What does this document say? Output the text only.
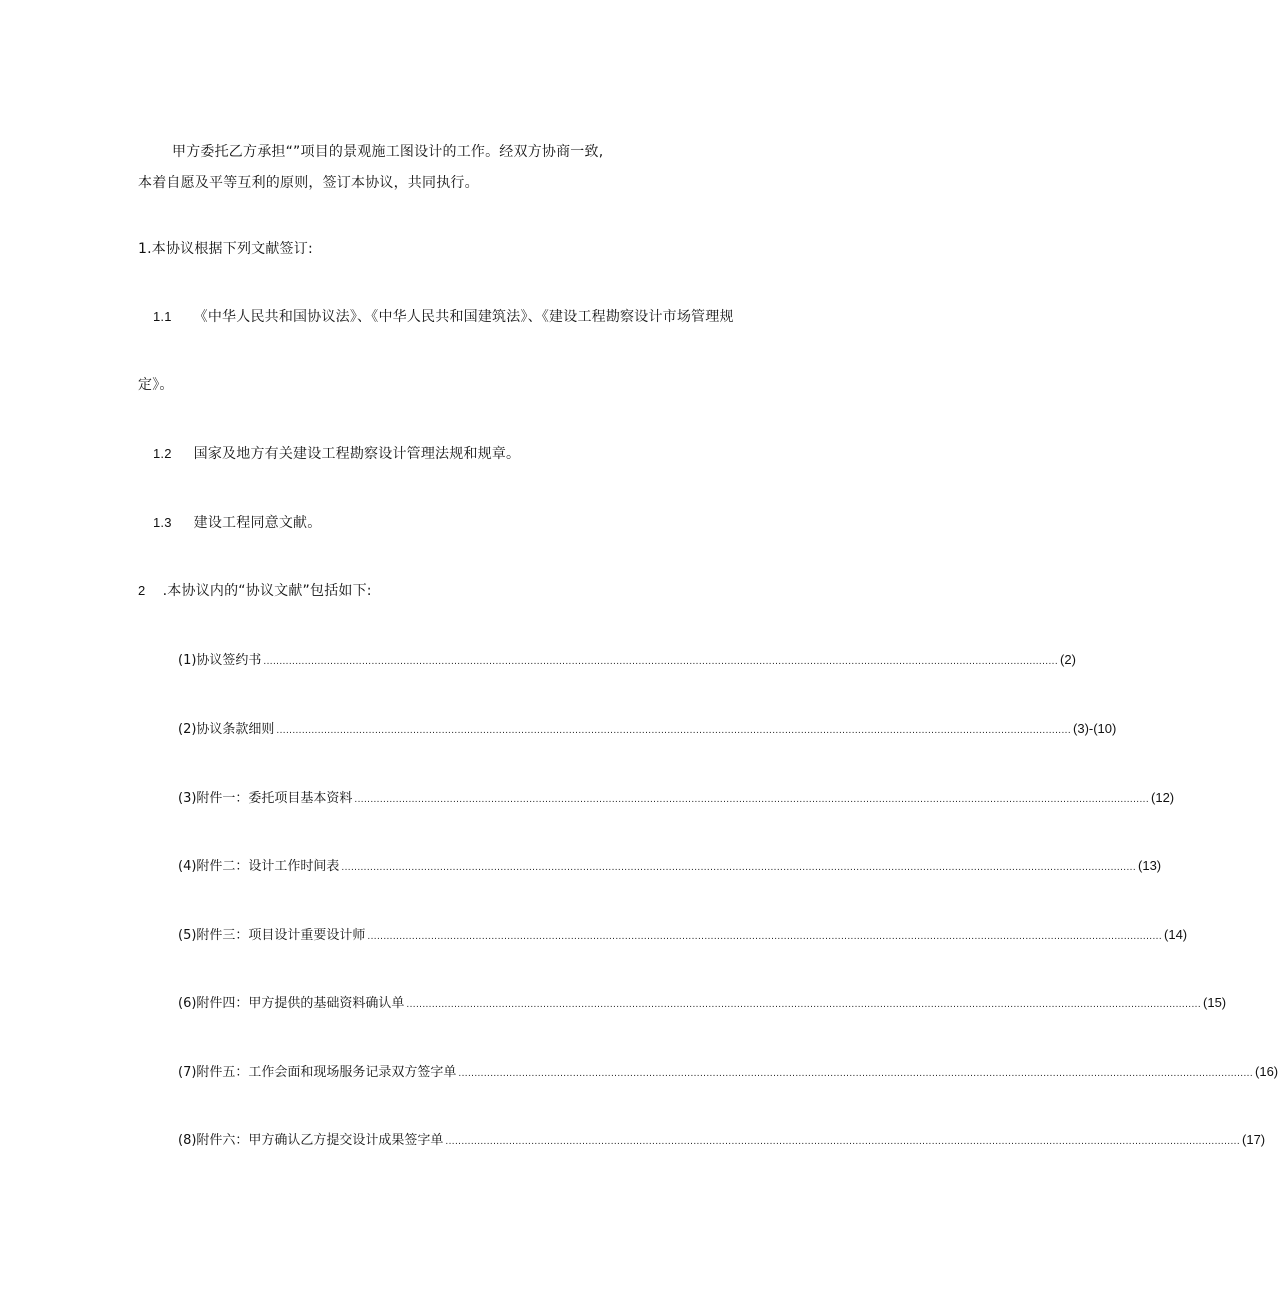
甲方委托乙方承担“”项目的景观施工图设计的工作。经双方协商一致,
本着自愿及平等互利的原则，签订本协议，共同执行。
1.本协议根据下列文献签订:
1.1 《中华人民共和国协议法》、《中华人民共和国建筑法》、《建设工程勘察设计市场管理规
定》。
1.2 国家及地方有关建设工程勘察设计管理法规和规章。
1.3 建设工程同意文献。
2 .本协议内的“协议文献”包括如下:
(1)协议签约书 .......................................................................................................................................................................................................................................................... (2)
(2)协议条款细则 .......................................................................................................................................................................................................................................................... (3)-(10)
(3)附件一：委托项目基本资料 .......................................................................................................................................................................................................................................................... (12)
(4)附件二：设计工作时间表 .......................................................................................................................................................................................................................................................... (13)
(5)附件三：项目设计重要设计师 .......................................................................................................................................................................................................................................................... (14)
(6)附件四：甲方提供的基础资料确认单 .......................................................................................................................................................................................................................................................... (15)
(7)附件五：工作会面和现场服务记录双方签字单 .......................................................................................................................................................................................................................................................... (16)
(8)附件六：甲方确认乙方提交设计成果签字单 .......................................................................................................................................................................................................................................................... (17)
